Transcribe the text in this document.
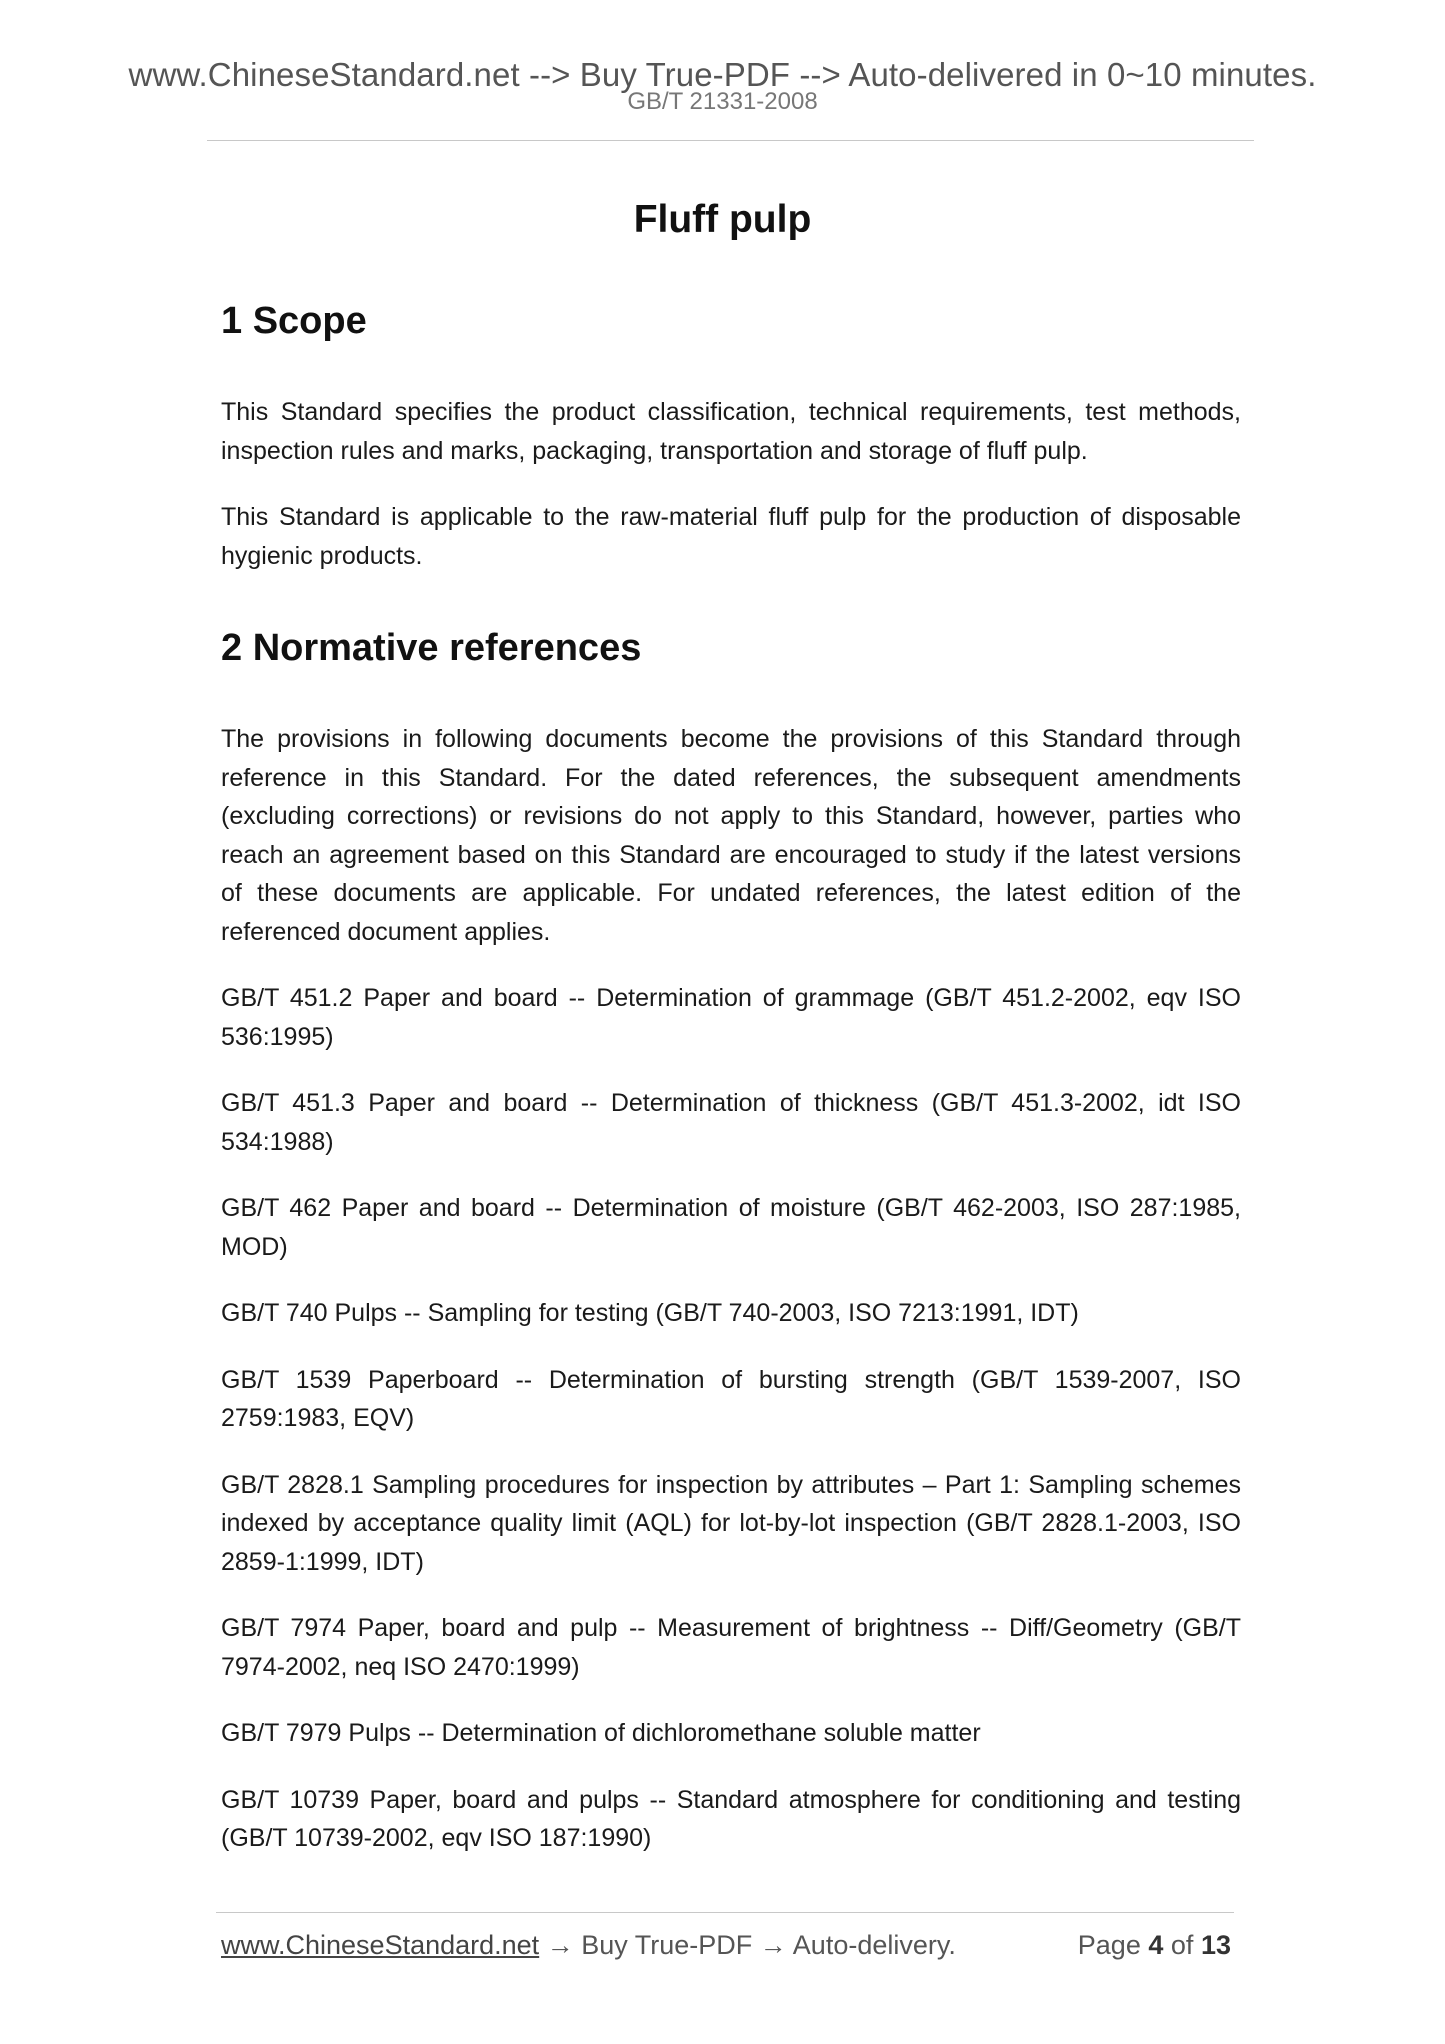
www.ChineseStandard.net --> Buy True-PDF --> Auto-delivered in 0~10 minutes.
GB/T 21331-2008
Fluff pulp
1 Scope

This Standard specifies the product classification, technical requirements, test methods, inspection rules and marks, packaging, transportation and storage of fluff pulp.

This Standard is applicable to the raw-material fluff pulp for the production of disposable hygienic products.

2 Normative references

The provisions in following documents become the provisions of this Standard through reference in this Standard. For the dated references, the subsequent amendments (excluding corrections) or revisions do not apply to this Standard, however, parties who reach an agreement based on this Standard are encouraged to study if the latest versions of these documents are applicable. For undated references, the latest edition of the referenced document applies.

GB/T 451.2 Paper and board -- Determination of grammage (GB/T 451.2-2002, eqv ISO 536:1995)

GB/T 451.3 Paper and board -- Determination of thickness (GB/T 451.3-2002, idt ISO 534:1988)

GB/T 462 Paper and board -- Determination of moisture (GB/T 462-2003, ISO 287:1985, MOD)

GB/T 740 Pulps -- Sampling for testing (GB/T 740-2003, ISO 7213:1991, IDT)

GB/T 1539 Paperboard -- Determination of bursting strength (GB/T 1539-2007, ISO 2759:1983, EQV)

GB/T 2828.1 Sampling procedures for inspection by attributes – Part 1: Sampling schemes indexed by acceptance quality limit (AQL) for lot-by-lot inspection (GB/T 2828.1-2003, ISO 2859-1:1999, IDT)

GB/T 7974 Paper, board and pulp -- Measurement of brightness -- Diff/Geometry (GB/T 7974-2002, neq ISO 2470:1999)

GB/T 7979 Pulps -- Determination of dichloromethane soluble matter

GB/T 10739 Paper, board and pulps -- Standard atmosphere for conditioning and testing (GB/T 10739-2002, eqv ISO 187:1990)

www.ChineseStandard.net → Buy True-PDF → Auto-delivery.	Page 4 of 13
